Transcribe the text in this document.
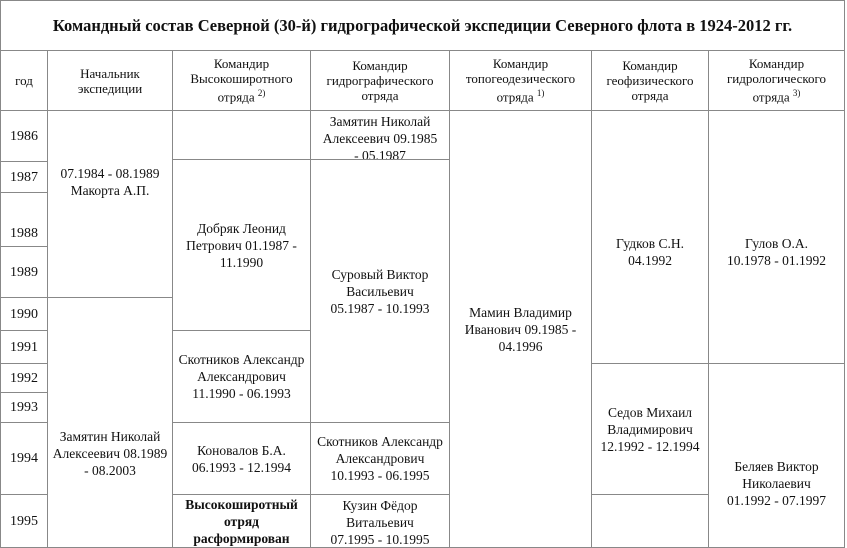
Командный состав Северной (30-й) гидрографической экспедиции Северного флота в 1924-2012 гг.
год	Начальник экспедиции
Командир Высокоширотного отряда $^{2)}$
Командир гидрографического отряда
Командир топогеодезического отряда $^{1)}$
Командир геофизического отряда
Командир гидрологического отряда $^{3)}$
1986
1987
1988
1989
1990
1991
1992
1993
1994
1995
07.1984 - 08.1989 Макорта А.П.
Замятин Николай Алексеевич 08.1989 - 08.2003
Добряк Леонид Петрович 01.1987 - 11.1990
Скотников Александр Александрович 11.1990 - 06.1993
Коновалов Б.А. 06.1993 - 12.1994
Высокоширотный отряд расформирован
Замятин Николай Алексеевич 09.1985 - 05.1987
Суровый Виктор Васильевич 05.1987 - 10.1993
Скотников Александр Александрович 10.1993 - 06.1995
Кузин Фёдор Витальевич 07.1995 - 10.1995
Мамин Владимир Иванович 09.1985 - 04.1996
Гудков С.Н. 04.1992
Седов Михаил Владимирович 12.1992 - 12.1994
Гулов О.А. 10.1978 - 01.1992
Беляев Виктор Николаевич 01.1992 - 07.1997
